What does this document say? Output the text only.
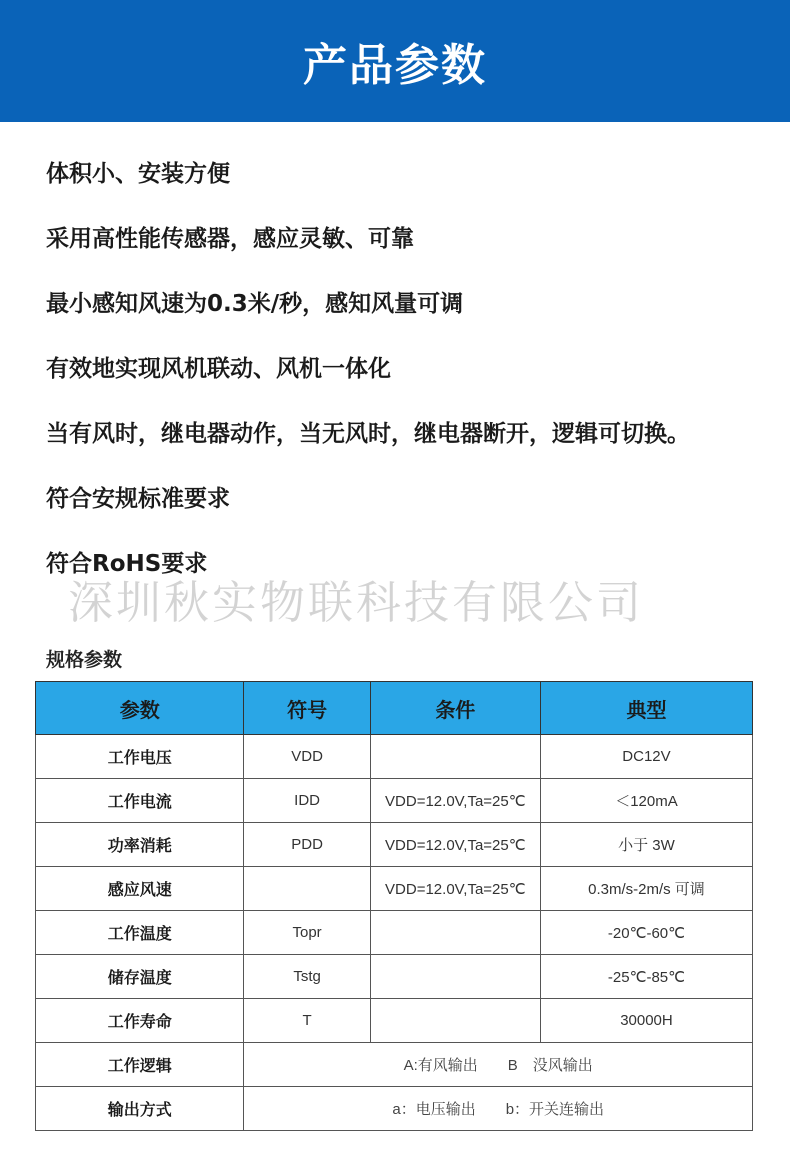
产品参数
体积小、安装方便
采用高性能传感器，感应灵敏、可靠
最小感知风速为0.3米/秒，感知风量可调
有效地实现风机联动、风机一体化
当有风时，继电器动作，当无风时，继电器断开，逻辑可切换。
符合安规标准要求
符合RoHS要求
深圳秋实物联科技有限公司
规格参数
参数	符号	条件	典型
工作电压	VDD		DC12V
工作电流	IDD	VDD=12.0V,Ta=25℃	＜120mA
功率消耗	PDD	VDD=12.0V,Ta=25℃	小于 3W
感应风速		VDD=12.0V,Ta=25℃	0.3m/s-2m/s 可调
工作温度	Topr		-20℃-60℃
储存温度	Tstg		-25℃-85℃
工作寿命	T		30000H
工作逻辑	A:有风输出　　B　没风输出		
输出方式	a：电压输出　　b：开关连输出		
